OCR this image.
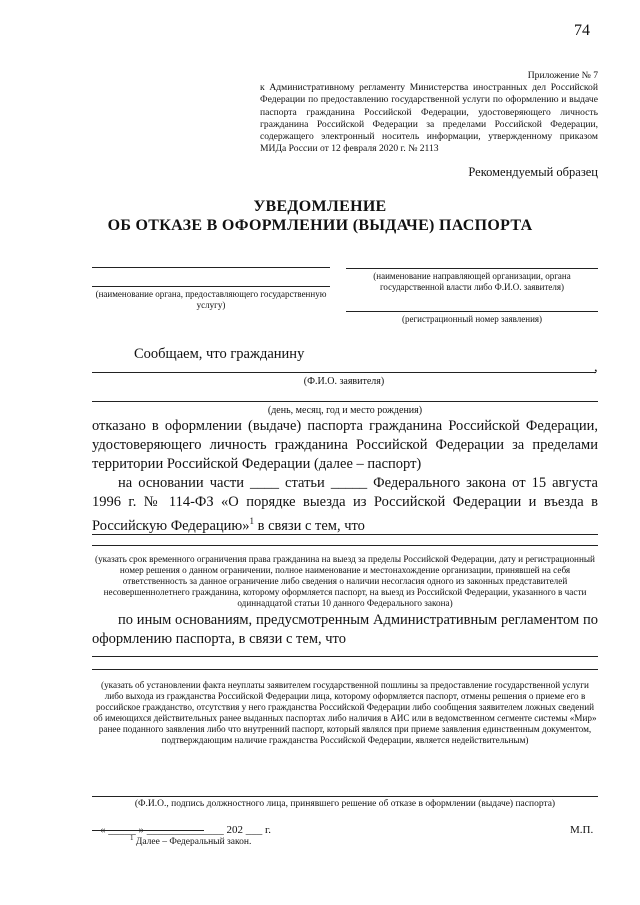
74
Приложение № 7
к Административному регламенту Министерства иностранных дел Российской Федерации по предоставлению государственной услуги по оформлению и выдаче паспорта гражданина Российской Федерации, удостоверяющего личность гражданина Российской Федерации за пределами Российской Федерации, содержащего электронный носитель информации, утвержденному приказом МИДа России от 12 февраля 2020 г. № 2113
Рекомендуемый образец
УВЕДОМЛЕНИЕ
ОБ ОТКАЗЕ В ОФОРМЛЕНИИ (ВЫДАЧЕ) ПАСПОРТА
(наименование органа, предоставляющего государственную услугу)
(наименование направляющей организации, органа государственной власти либо Ф.И.О. заявителя)
(регистрационный номер заявления)
Сообщаем, что гражданину
,
(Ф.И.О. заявителя)
(день, месяц, год и место рождения)
отказано в оформлении (выдаче) паспорта гражданина Российской Федерации, удостоверяющего личность гражданина Российской Федерации за пределами территории Российской Федерации (далее – паспорт)
на основании части ____ статьи _____ Федерального закона от 15 августа
1996 г. № 114-ФЗ «О порядке выезда из Российской Федерации и въезда в
Российскую Федерацию»$^1$ в связи с тем, что
(указать срок временного ограничения права гражданина на выезд за пределы Российской Федерации, дату и регистрационный номер решения о данном ограничении, полное наименование и местонахождение организации, принявшей на себя ответственность за данное ограничение либо сведения о наличии несогласия одного из законных представителей несовершеннолетнего гражданина, которому оформляется паспорт, на выезд из Российской Федерации, указанного в части одиннадцатой статьи 10 данного Федерального закона)
по иным основаниям, предусмотренным Административным регламентом по
оформлению паспорта, в связи с тем, что
(указать об установлении факта неуплаты заявителем государственной пошлины за предоставление государственной услуги либо выхода из гражданства Российской Федерации лица, которому оформляется паспорт, отмены решения о приеме его в российское гражданство, отсутствия у него гражданства Российской Федерации либо сообщения заявителем ложных сведений об имеющихся действительных ранее выданных паспортах либо наличия в АИС или в ведомственном сегменте системы «Мир» ранее поданного заявления либо что внутренний паспорт, который являлся при приеме заявления единственным документом, подтверждающим наличие гражданства Российской Федерации, является недействительным)
(Ф.И.О., подпись должностного лица, принявшего решение об отказе в оформлении (выдаче) паспорта)
« _____ » ______________ 202 ___ г.	М.П.
$^1$ Далее – Федеральный закон.
